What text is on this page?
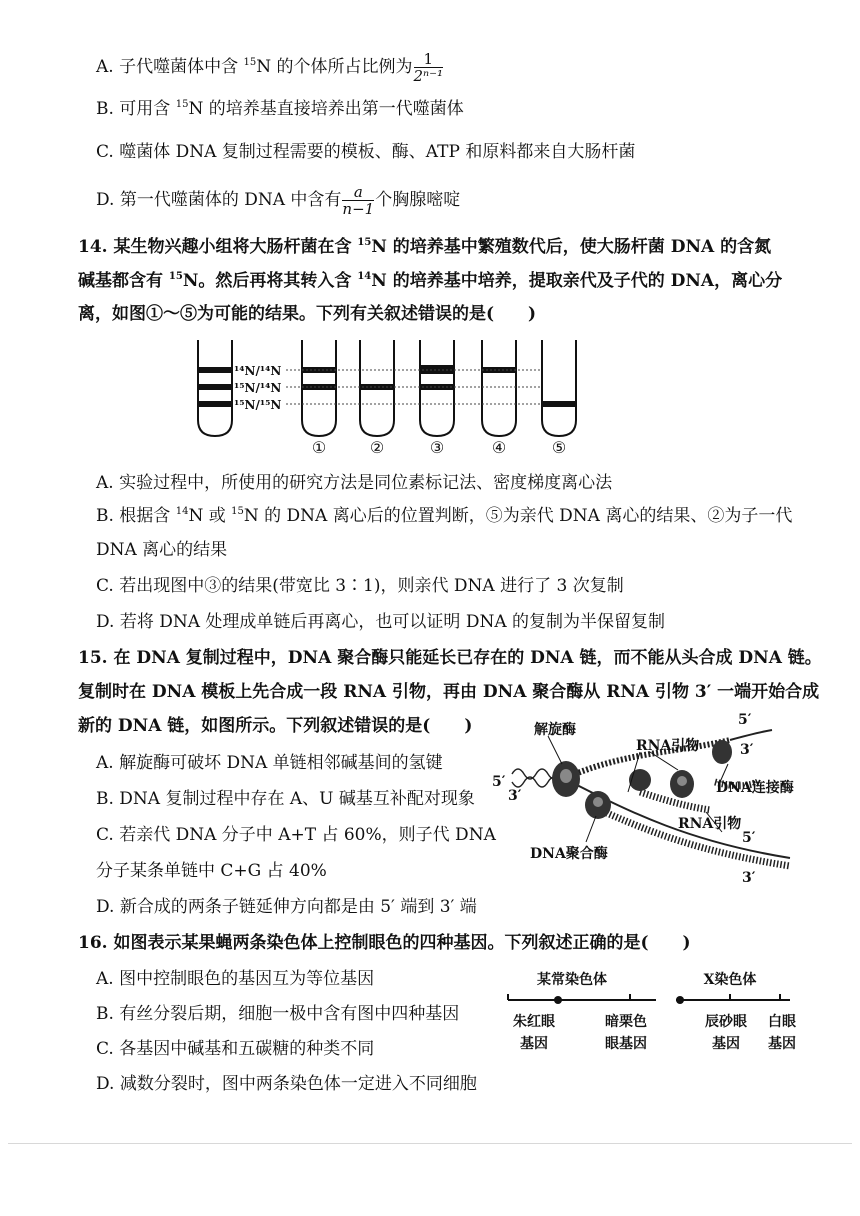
A. 子代噬菌体中含 $^{15}$N 的个体所占比例为 $\frac{1}{\text{2ⁿ⁻¹}}$
B. 可用含 $^{15}$N 的培养基直接培养出第一代噬菌体
C. 噬菌体 DNA 复制过程需要的模板、酶、ATP 和原料都来自大肠杆菌
D. 第一代噬菌体的 DNA 中含有 $\frac{a}{n-1}$ 个胸腺嘧啶
14. 某生物兴趣小组将大肠杆菌在含 $^{15}$N 的培养基中繁殖数代后，使大肠杆菌 DNA 的含氮
碱基都含有 $^{15}$N。然后再将其转入含 $^{14}$N 的培养基中培养，提取亲代及子代的 DNA，离心分
离，如图①～⑤为可能的结果。下列有关叙述错误的是(　　)
¹⁴N/¹⁴N
¹⁵N/¹⁴N
¹⁵N/¹⁵N
①	②	③	④	⑤
A. 实验过程中，所使用的研究方法是同位素标记法、密度梯度离心法
B. 根据含 $^{14}$N 或 $^{15}$N 的 DNA 离心后的位置判断，⑤为亲代 DNA 离心的结果、②为子一代
DNA 离心的结果
C. 若出现图中③的结果(带宽比 3∶1)，则亲代 DNA 进行了 3 次复制
D. 若将 DNA 处理成单链后再离心，也可以证明 DNA 的复制为半保留复制
15. 在 DNA 复制过程中，DNA 聚合酶只能延长已存在的 DNA 链，而不能从头合成 DNA 链。
复制时在 DNA 模板上先合成一段 RNA 引物，再由 DNA 聚合酶从 RNA 引物 3′ 一端开始合成
新的 DNA 链，如图所示。下列叙述错误的是(　　)
A. 解旋酶可破坏 DNA 单链相邻碱基间的氢键
B. DNA 复制过程中存在 A、U 碱基互补配对现象
C. 若亲代 DNA 分子中 A+T 占 60%，则子代 DNA
分子某条单链中 C+G 占 40%
D. 新合成的两条子链延伸方向都是由 5′ 端到 3′ 端
解旋酶
RNA引物
DNA连接酶
RNA引物
DNA聚合酶
5′
3′
5′
3′
5′
3′
16. 如图表示某果蝇两条染色体上控制眼色的四种基因。下列叙述正确的是(　　)
A. 图中控制眼色的基因互为等位基因
B. 有丝分裂后期，细胞一极中含有图中四种基因
C. 各基因中碱基和五碳糖的种类不同
D. 减数分裂时，图中两条染色体一定进入不同细胞
某常染色体	X染色体
朱红眼
基因
暗栗色
眼基因
辰砂眼
基因
白眼
基因
